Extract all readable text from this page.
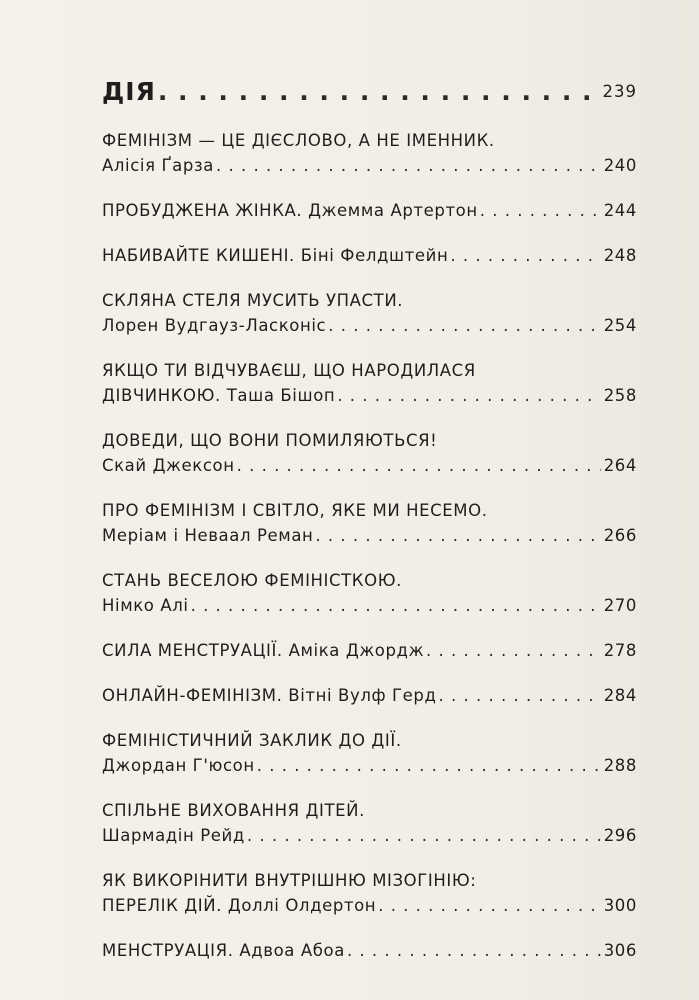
ДІЯ . . .	239
ФЕМІНІЗМ — ЦЕ ДІЄСЛОВО, А НЕ ІМЕННИК.
Алісія Ґарза . . .	240
ПРОБУДЖЕНА ЖІНКА. Джемма Артертон . . .	244
НАБИВАЙТЕ КИШЕНІ. Біні Фелдштейн . . .	248
СКЛЯНА СТЕЛЯ МУСИТЬ УПАСТИ.
Лорен Вудгауз-Ласконіс . . .	254
ЯКЩО ТИ ВІДЧУВАЄШ, ЩО НАРОДИЛАСЯ
ДІВЧИНКОЮ. Таша Бішоп . . .	258
ДОВЕДИ, ЩО ВОНИ ПОМИЛЯЮТЬСЯ!
Скай Джексон . . .	264
ПРО ФЕМІНІЗМ І СВІТЛО, ЯКЕ МИ НЕСЕМО.
Меріам і Неваал Реман . . .	266
СТАНЬ ВЕСЕЛОЮ ФЕМІНІСТКОЮ.
Німко Алі . . .	270
СИЛА МЕНСТРУАЦІЇ. Аміка Джордж . . .	278
ОНЛАЙН-ФЕМІНІЗМ. Вітні Вулф Герд . . .	284
ФЕМІНІСТИЧНИЙ ЗАКЛИК ДО ДІЇ.
Джордан Г'юсон . . .	288
СПІЛЬНЕ ВИХОВАННЯ ДІТЕЙ.
Шармадін Рейд . . .	296
ЯК ВИКОРІНИТИ ВНУТРІШНЮ МІЗОГІНІЮ:
ПЕРЕЛІК ДІЙ. Доллі Олдертон . . .	300
МЕНСТРУАЦІЯ. Адвоа Абоа . . .	306
